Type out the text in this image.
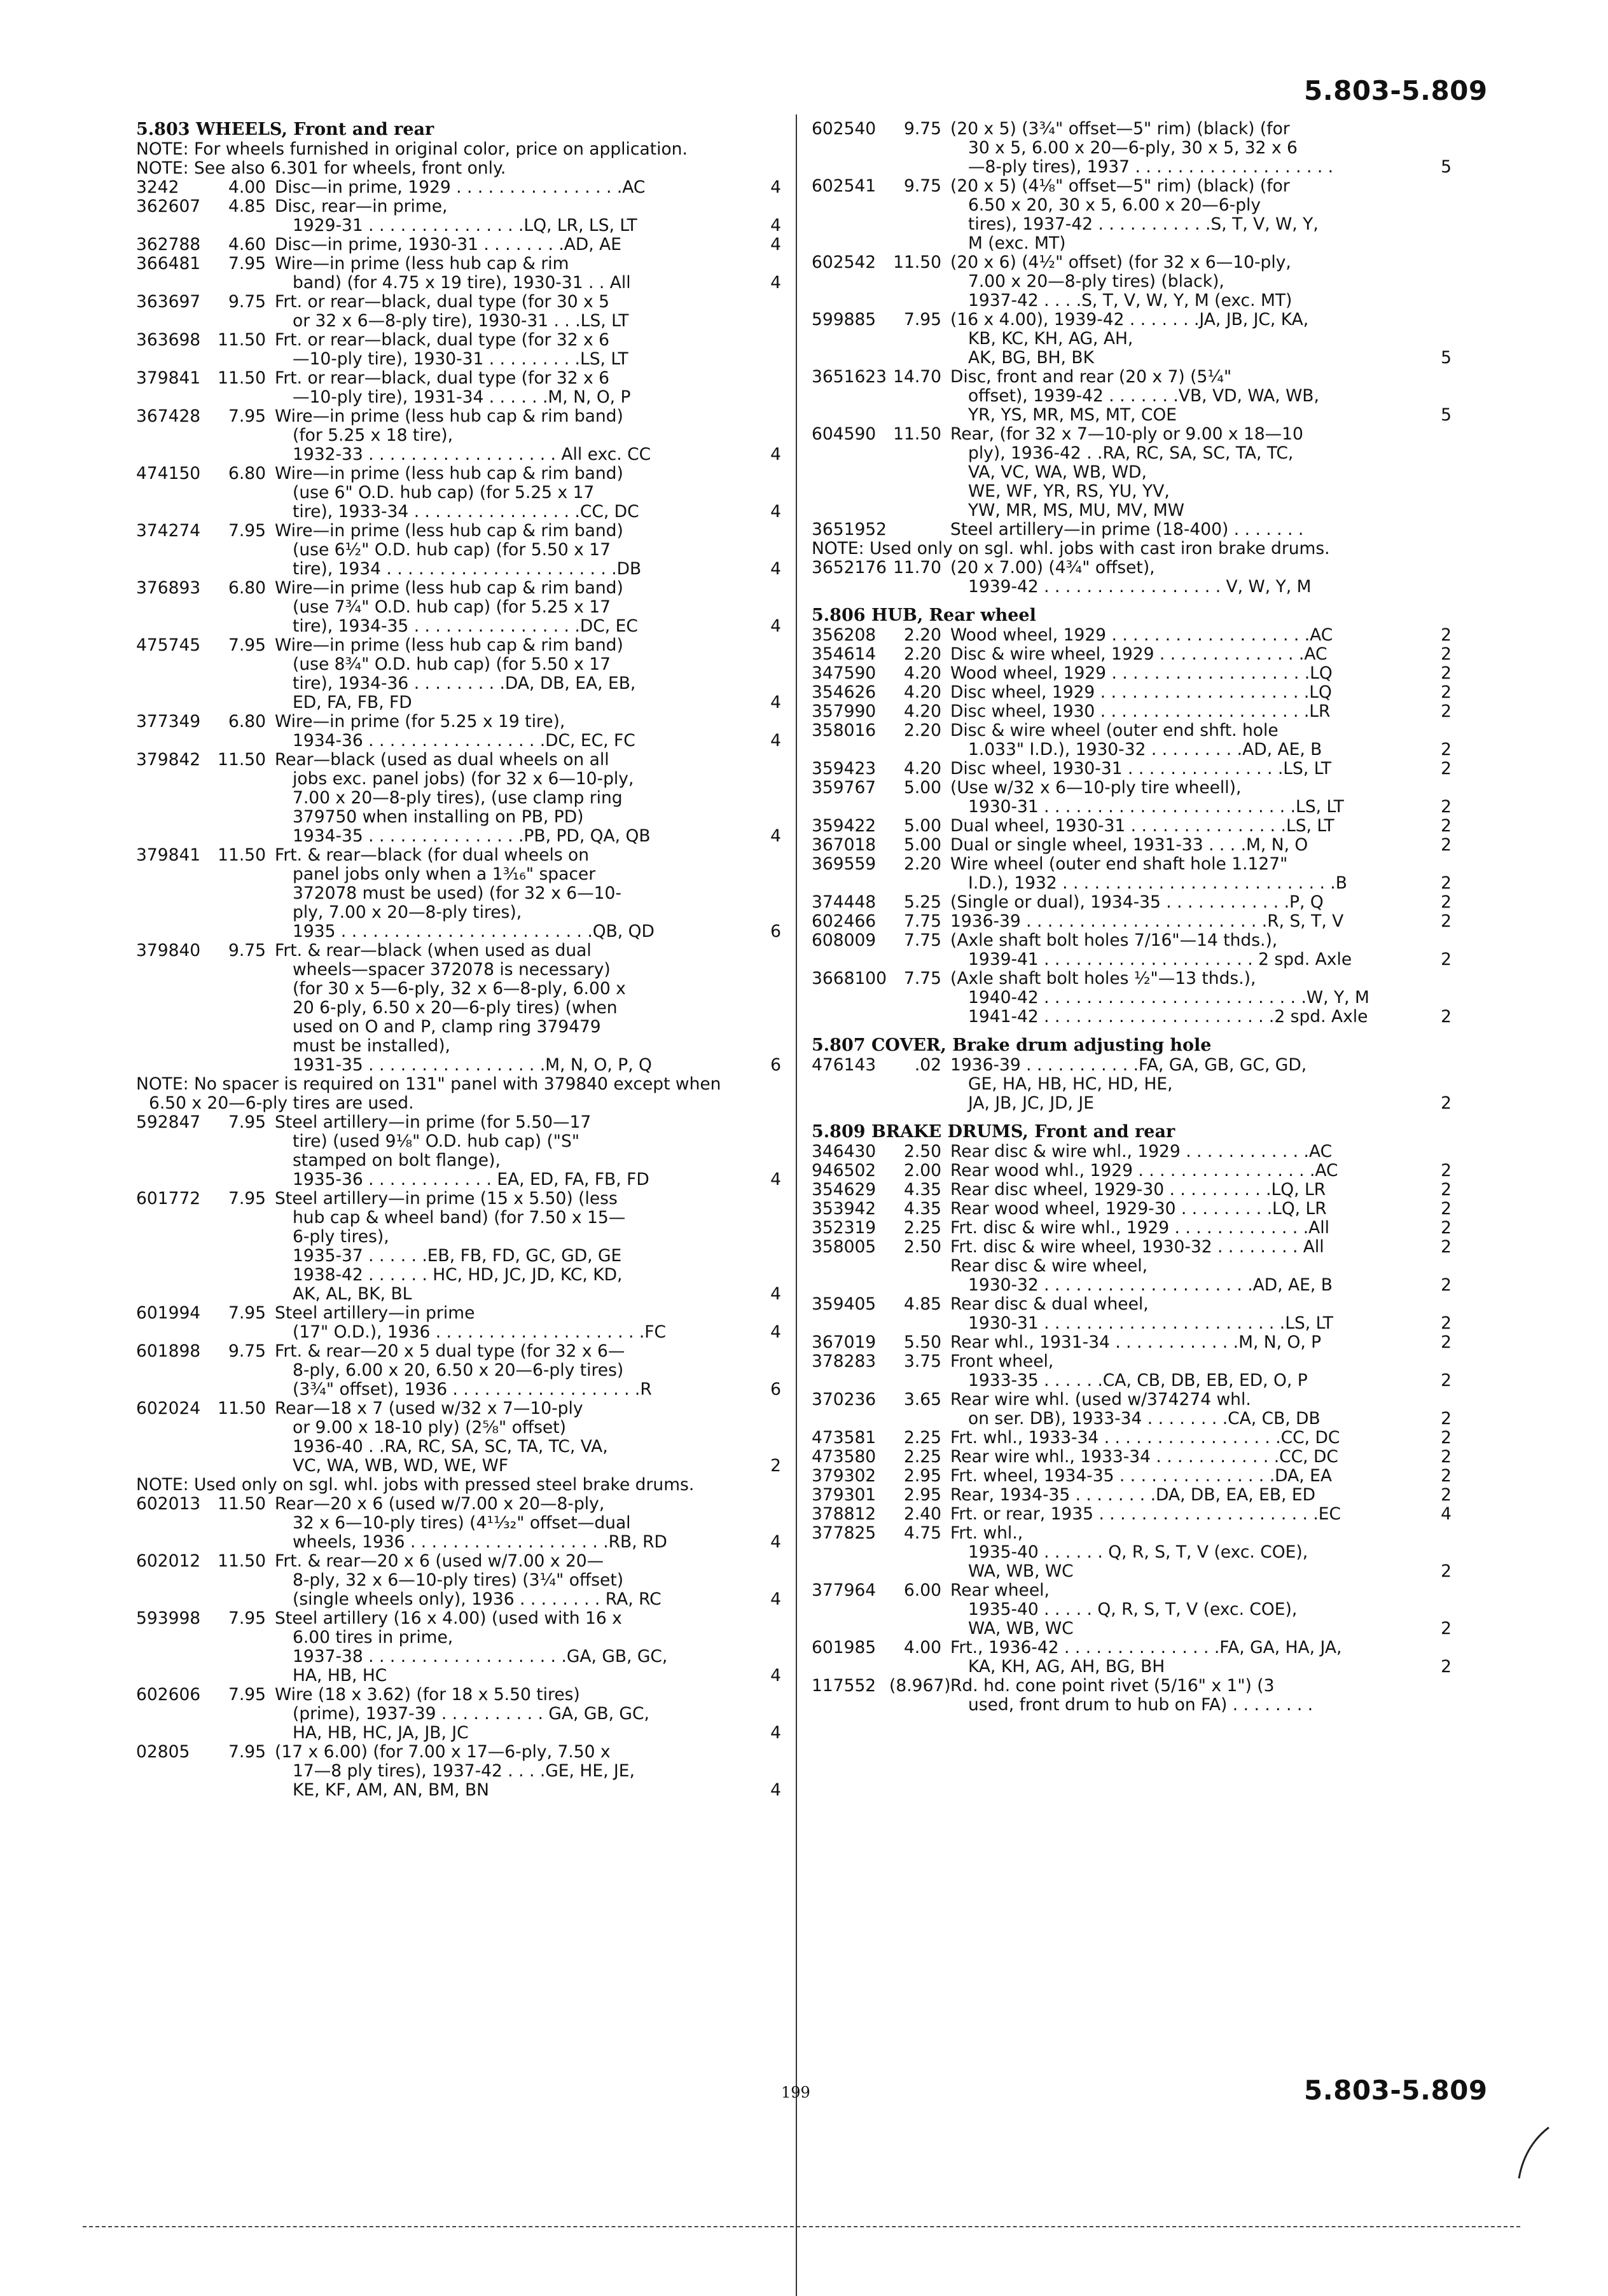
5.803-5.809
5.803 WHEELS, Front and rear
NOTE: For wheels furnished in original color, price on application.
NOTE: See also 6.301 for wheels, front only.
3242	4.00 Disc—in prime, 1929 . . . . . . . . . . . . . . . .AC	4
362607	4.85 Disc, rear—in prime,
1929-31 . . . . . . . . . . . . . . .LQ, LR, LS, LT	4
362788	4.60 Disc—in prime, 1930-31 . . . . . . . .AD, AE	4
366481	7.95 Wire—in prime (less hub cap & rim
band) (for 4.75 x 19 tire), 1930-31 . . All	4
363697	9.75 Frt. or rear—black, dual type (for 30 x 5
or 32 x 6—8-ply tire), 1930-31 . . .LS, LT
363698	11.50 Frt. or rear—black, dual type (for 32 x 6
—10-ply tire), 1930-31 . . . . . . . . .LS, LT
379841	11.50 Frt. or rear—black, dual type (for 32 x 6
—10-ply tire), 1931-34 . . . . . .M, N, O, P
367428	7.95 Wire—in prime (less hub cap & rim band)
(for 5.25 x 18 tire),
1932-33 . . . . . . . . . . . . . . . . . . All exc. CC	4
474150	6.80 Wire—in prime (less hub cap & rim band)
(use 6" O.D. hub cap) (for 5.25 x 17
tire), 1933-34 . . . . . . . . . . . . . . . .CC, DC	4
374274	7.95 Wire—in prime (less hub cap & rim band)
(use 6½" O.D. hub cap) (for 5.50 x 17
tire), 1934 . . . . . . . . . . . . . . . . . . . . . .DB	4
376893	6.80 Wire—in prime (less hub cap & rim band)
(use 7¾" O.D. hub cap) (for 5.25 x 17
tire), 1934-35 . . . . . . . . . . . . . . . .DC, EC	4
475745	7.95 Wire—in prime (less hub cap & rim band)
(use 8¾" O.D. hub cap) (for 5.50 x 17
tire), 1934-36 . . . . . . . . .DA, DB, EA, EB,
ED, FA, FB, FD	4
377349	6.80 Wire—in prime (for 5.25 x 19 tire),
1934-36 . . . . . . . . . . . . . . . . .DC, EC, FC	4
379842	11.50 Rear—black (used as dual wheels on all
jobs exc. panel jobs) (for 32 x 6—10-ply,
7.00 x 20—8-ply tires), (use clamp ring
379750 when installing on PB, PD)
1934-35 . . . . . . . . . . . . . . .PB, PD, QA, QB	4
379841	11.50 Frt. & rear—black (for dual wheels on
panel jobs only when a 1³⁄₁₆" spacer
372078 must be used) (for 32 x 6—10-
ply, 7.00 x 20—8-ply tires),
1935 . . . . . . . . . . . . . . . . . . . . . . . .QB, QD	6
379840	9.75 Frt. & rear—black (when used as dual
wheels—spacer 372078 is necessary)
(for 30 x 5—6-ply, 32 x 6—8-ply, 6.00 x
20 6-ply, 6.50 x 20—6-ply tires) (when
used on O and P, clamp ring 379479
must be installed),
1931-35 . . . . . . . . . . . . . . . . .M, N, O, P, Q	6
NOTE: No spacer is required on 131" panel with 379840 except when
6.50 x 20—6-ply tires are used.
592847	7.95 Steel artillery—in prime (for 5.50—17
tire) (used 9⅛" O.D. hub cap) ("S"
stamped on bolt flange),
1935-36 . . . . . . . . . . . . EA, ED, FA, FB, FD	4
601772	7.95 Steel artillery—in prime (15 x 5.50) (less
hub cap & wheel band) (for 7.50 x 15—
6-ply tires),
1935-37 . . . . . .EB, FB, FD, GC, GD, GE
1938-42 . . . . . . HC, HD, JC, JD, KC, KD,
AK, AL, BK, BL	4
601994	7.95 Steel artillery—in prime
(17" O.D.), 1936 . . . . . . . . . . . . . . . . . . . .FC	4
601898	9.75 Frt. & rear—20 x 5 dual type (for 32 x 6—
8-ply, 6.00 x 20, 6.50 x 20—6-ply tires)
(3¾" offset), 1936 . . . . . . . . . . . . . . . . . .R	6
602024	11.50 Rear—18 x 7 (used w/32 x 7—10-ply
or 9.00 x 18-10 ply) (2⅝" offset)
1936-40 . .RA, RC, SA, SC, TA, TC, VA,
VC, WA, WB, WD, WE, WF	2
NOTE: Used only on sgl. whl. jobs with pressed steel brake drums.
602013	11.50 Rear—20 x 6 (used w/7.00 x 20—8-ply,
32 x 6—10-ply tires) (4¹¹⁄₃₂" offset—dual
wheels, 1936 . . . . . . . . . . . . . . . . . . .RB, RD	4
602012	11.50 Frt. & rear—20 x 6 (used w/7.00 x 20—
8-ply, 32 x 6—10-ply tires) (3¼" offset)
(single wheels only), 1936 . . . . . . . . RA, RC	4
593998	7.95 Steel artillery (16 x 4.00) (used with 16 x
6.00 tires in prime,
1937-38 . . . . . . . . . . . . . . . . . . .GA, GB, GC,
HA, HB, HC	4
602606	7.95 Wire (18 x 3.62) (for 18 x 5.50 tires)
(prime), 1937-39 . . . . . . . . . . GA, GB, GC,
HA, HB, HC, JA, JB, JC	4
02805	7.95 (17 x 6.00) (for 7.00 x 17—6-ply, 7.50 x
17—8 ply tires), 1937-42 . . . .GE, HE, JE,
KE, KF, AM, AN, BM, BN	4
602540	9.75 (20 x 5) (3¾" offset—5" rim) (black) (for
30 x 5, 6.00 x 20—6-ply, 30 x 5, 32 x 6
—8-ply tires), 1937 . . . . . . . . . . . . . . . . . . .	5
602541	9.75 (20 x 5) (4⅛" offset—5" rim) (black) (for
6.50 x 20, 30 x 5, 6.00 x 20—6-ply
tires), 1937-42 . . . . . . . . . . .S, T, V, W, Y,
M (exc. MT)
602542	11.50 (20 x 6) (4½" offset) (for 32 x 6—10-ply,
7.00 x 20—8-ply tires) (black),
1937-42 . . . .S, T, V, W, Y, M (exc. MT)
599885	7.95 (16 x 4.00), 1939-42 . . . . . . .JA, JB, JC, KA,
KB, KC, KH, AG, AH,
AK, BG, BH, BK	5
3651623 14.70 Disc, front and rear (20 x 7) (5¼"
offset), 1939-42 . . . . . . .VB, VD, WA, WB,
YR, YS, MR, MS, MT, COE	5
604590	11.50 Rear, (for 32 x 7—10-ply or 9.00 x 18—10
ply), 1936-42 . .RA, RC, SA, SC, TA, TC,
VA, VC, WA, WB, WD,
WE, WF, YR, RS, YU, YV,
YW, MR, MS, MU, MV, MW
3651952	Steel artillery—in prime (18-400) . . . . . . .
NOTE: Used only on sgl. whl. jobs with cast iron brake drums.
3652176 11.70 (20 x 7.00) (4¾" offset),
1939-42 . . . . . . . . . . . . . . . . . V, W, Y, M
5.806 HUB, Rear wheel
356208	2.20 Wood wheel, 1929 . . . . . . . . . . . . . . . . . . .AC	2
354614	2.20 Disc & wire wheel, 1929 . . . . . . . . . . . . . .AC	2
347590	4.20 Wood wheel, 1929 . . . . . . . . . . . . . . . . . . .LQ	2
354626	4.20 Disc wheel, 1929 . . . . . . . . . . . . . . . . . . . .LQ	2
357990	4.20 Disc wheel, 1930 . . . . . . . . . . . . . . . . . . . .LR	2
358016	2.20 Disc & wire wheel (outer end shft. hole
1.033" I.D.), 1930-32 . . . . . . . . .AD, AE, B	2
359423	4.20 Disc wheel, 1930-31 . . . . . . . . . . . . . . .LS, LT	2
359767	5.00 (Use w/32 x 6—10-ply tire wheell),
1930-31 . . . . . . . . . . . . . . . . . . . . . . . .LS, LT	2
359422	5.00 Dual wheel, 1930-31 . . . . . . . . . . . . . . .LS, LT	2
367018	5.00 Dual or single wheel, 1931-33 . . . .M, N, O	2
369559	2.20 Wire wheel (outer end shaft hole 1.127"
I.D.), 1932 . . . . . . . . . . . . . . . . . . . . . . . . . .B	2
374448	5.25 (Single or dual), 1934-35 . . . . . . . . . . . .P, Q	2
602466	7.75 1936-39 . . . . . . . . . . . . . . . . . . . . . . .R, S, T, V	2
608009	7.75 (Axle shaft bolt holes 7/16"—14 thds.),
1939-41 . . . . . . . . . . . . . . . . . . . . 2 spd. Axle	2
3668100	7.75 (Axle shaft bolt holes ½"—13 thds.),
1940-42 . . . . . . . . . . . . . . . . . . . . . . . . .W, Y, M
1941-42 . . . . . . . . . . . . . . . . . . . . . .2 spd. Axle	2
5.807 COVER, Brake drum adjusting hole
476143	.02 1936-39 . . . . . . . . . . .FA, GA, GB, GC, GD,
GE, HA, HB, HC, HD, HE,
JA, JB, JC, JD, JE	2
5.809 BRAKE DRUMS, Front and rear
346430	2.50 Rear disc & wire whl., 1929 . . . . . . . . . . . .AC
946502	2.00 Rear wood whl., 1929 . . . . . . . . . . . . . . . . .AC	2
354629	4.35 Rear disc wheel, 1929-30 . . . . . . . . . .LQ, LR	2
353942	4.35 Rear wood wheel, 1929-30 . . . . . . . . .LQ, LR	2
352319	2.25 Frt. disc & wire whl., 1929 . . . . . . . . . . . . .All	2
358005	2.50 Frt. disc & wire wheel, 1930-32 . . . . . . . . All	2
Rear disc & wire wheel,
1930-32 . . . . . . . . . . . . . . . . . . . .AD, AE, B	2
359405	4.85 Rear disc & dual wheel,
1930-31 . . . . . . . . . . . . . . . . . . . . . . .LS, LT	2
367019	5.50 Rear whl., 1931-34 . . . . . . . . . . . .M, N, O, P	2
378283	3.75 Front wheel,
1933-35 . . . . . .CA, CB, DB, EB, ED, O, P	2
370236	3.65 Rear wire whl. (used w/374274 whl.
on ser. DB), 1933-34 . . . . . . . .CA, CB, DB	2
473581	2.25 Frt. whl., 1933-34 . . . . . . . . . . . . . . . . .CC, DC	2
473580	2.25 Rear wire whl., 1933-34 . . . . . . . . . . . .CC, DC	2
379302	2.95 Frt. wheel, 1934-35 . . . . . . . . . . . . . . .DA, EA	2
379301	2.95 Rear, 1934-35 . . . . . . . .DA, DB, EA, EB, ED	2
378812	2.40 Frt. or rear, 1935 . . . . . . . . . . . . . . . . . . . . .EC	4
377825	4.75 Frt. whl.,
1935-40 . . . . . . Q, R, S, T, V (exc. COE),
WA, WB, WC	2
377964	6.00 Rear wheel,
1935-40 . . . . . Q, R, S, T, V (exc. COE),
WA, WB, WC	2
601985	4.00 Frt., 1936-42 . . . . . . . . . . . . . . .FA, GA, HA, JA,
KA, KH, AG, AH, BG, BH	2
117552 (8.967) Rd. hd. cone point rivet (5/16" x 1") (3
used, front drum to hub on FA) . . . . . . . .
199	5.803-5.809
